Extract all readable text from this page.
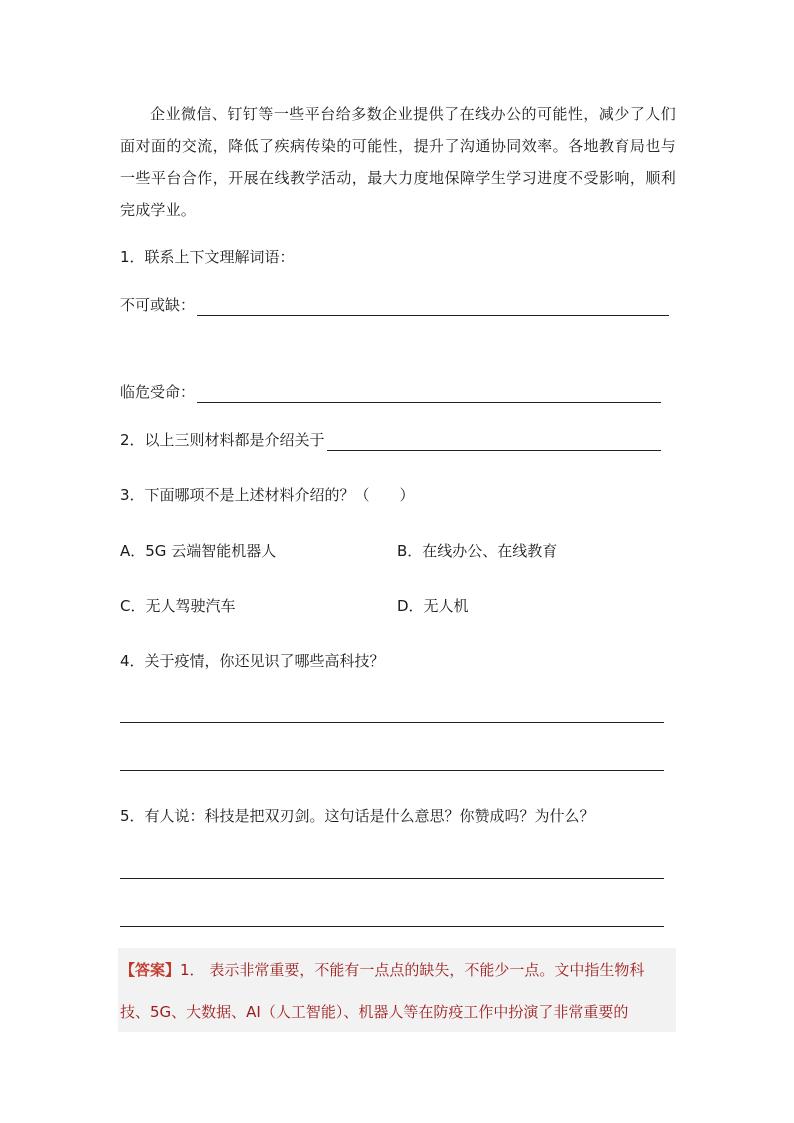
企业微信、钉钉等一些平台给多数企业提供了在线办公的可能性，减少了人们面对面的交流，降低了疾病传染的可能性，提升了沟通协同效率。各地教育局也与一些平台合作，开展在线教学活动，最大力度地保障学生学习进度不受影响，顺利完成学业。

1．联系上下文理解词语：

不可或缺：
临危受命：
2．以上三则材料都是介绍关于

3．下面哪项不是上述材料介绍的？（　　）

A．5G 云端智能机器人	B．在线办公、在线教育

C．无人驾驶汽车	D．无人机

4．关于疫情，你还见识了哪些高科技？

5．有人说：科技是把双刃剑。这句话是什么意思？你赞成吗？为什么？

【答案】1． 表示非常重要，不能有一点点的缺失，不能少一点。文中指生物科

技、5G、大数据、AI（人工智能）、机器人等在防疫工作中扮演了非常重要的
